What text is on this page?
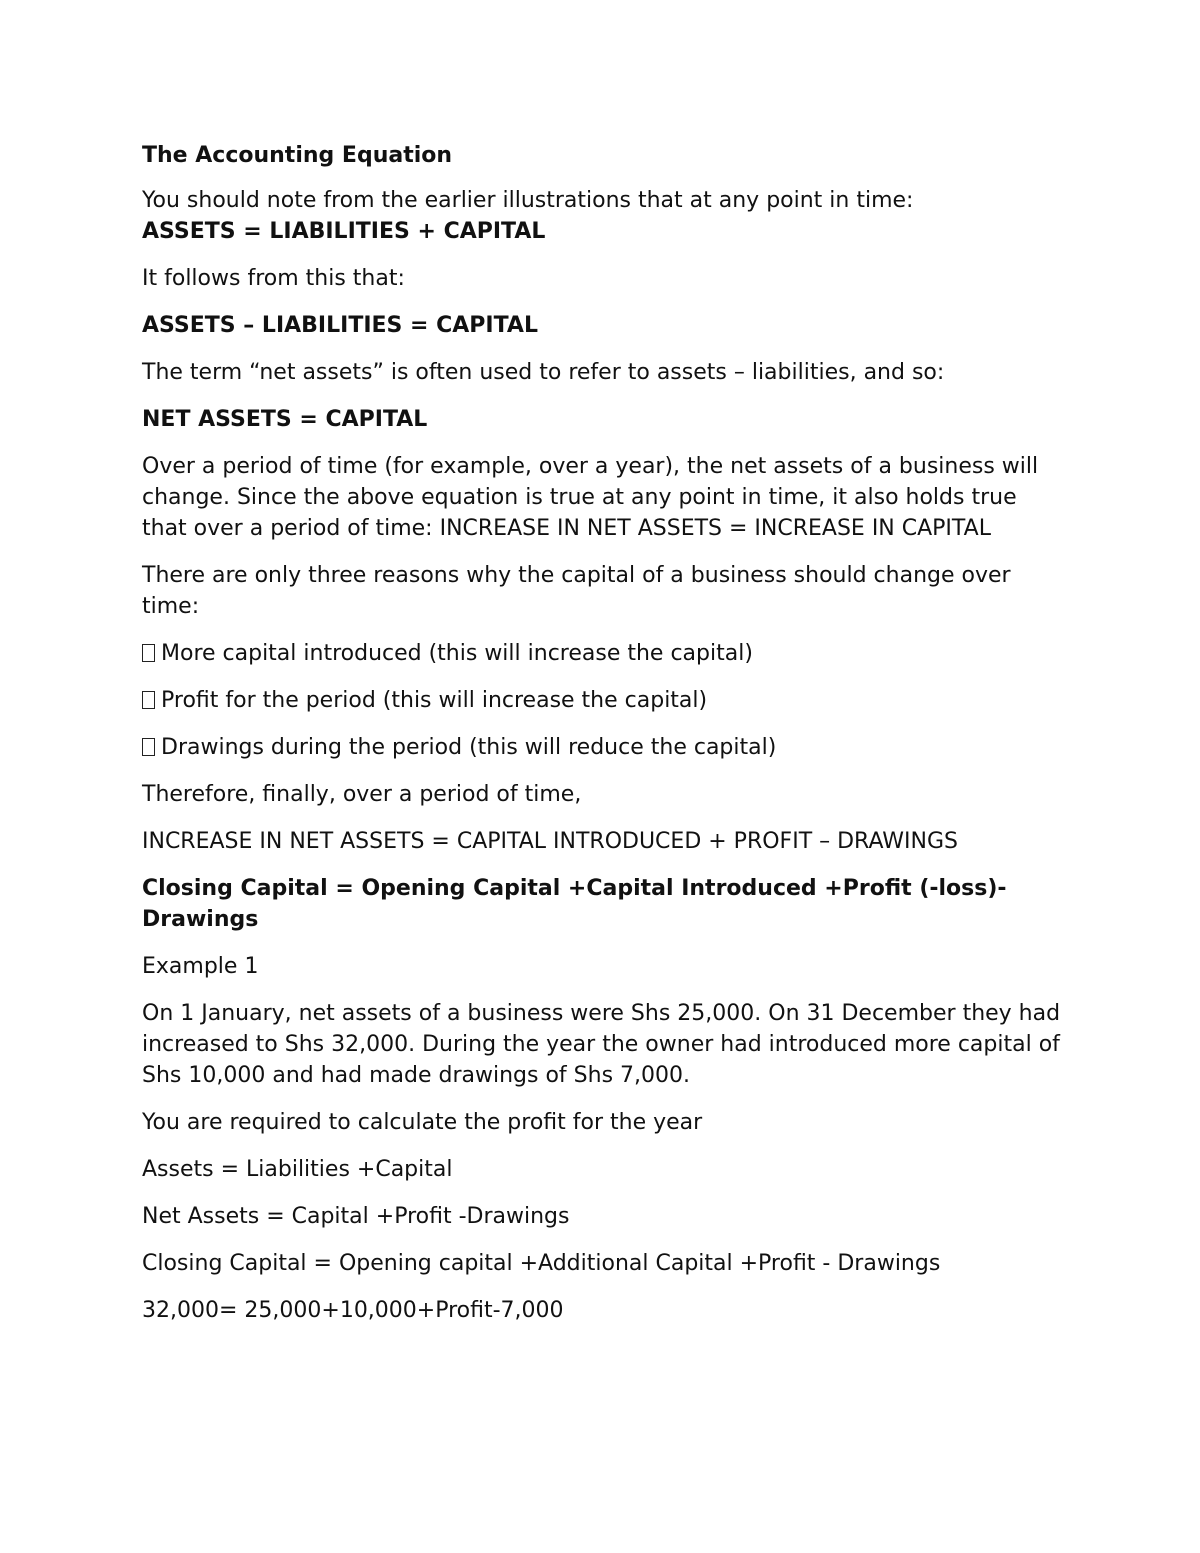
The Accounting Equation

You should note from the earlier illustrations that at any point in time:

ASSETS = LIABILITIES + CAPITAL

It follows from this that:

ASSETS – LIABILITIES = CAPITAL

The term “net assets” is often used to refer to assets – liabilities, and so:

NET ASSETS = CAPITAL

Over a period of time (for example, over a year), the net assets of a business will change. Since the above equation is true at any point in time, it also holds true that over a period of time: INCREASE IN NET ASSETS = INCREASE IN CAPITAL

There are only three reasons why the capital of a business should change over time:

More capital introduced (this will increase the capital)

Profit for the period (this will increase the capital)

Drawings during the period (this will reduce the capital)

Therefore, finally, over a period of time,

INCREASE IN NET ASSETS = CAPITAL INTRODUCED + PROFIT – DRAWINGS

Closing Capital = Opening Capital +Capital Introduced +Profit (-loss)- Drawings

Example 1

On 1 January, net assets of a business were Shs 25,000. On 31 December they had increased to Shs 32,000. During the year the owner had introduced more capital of Shs 10,000 and had made drawings of Shs 7,000.

You are required to calculate the profit for the year

Assets = Liabilities +Capital

Net Assets = Capital +Profit -Drawings

Closing Capital = Opening capital +Additional Capital +Profit - Drawings

32,000= 25,000+10,000+Profit-7,000
